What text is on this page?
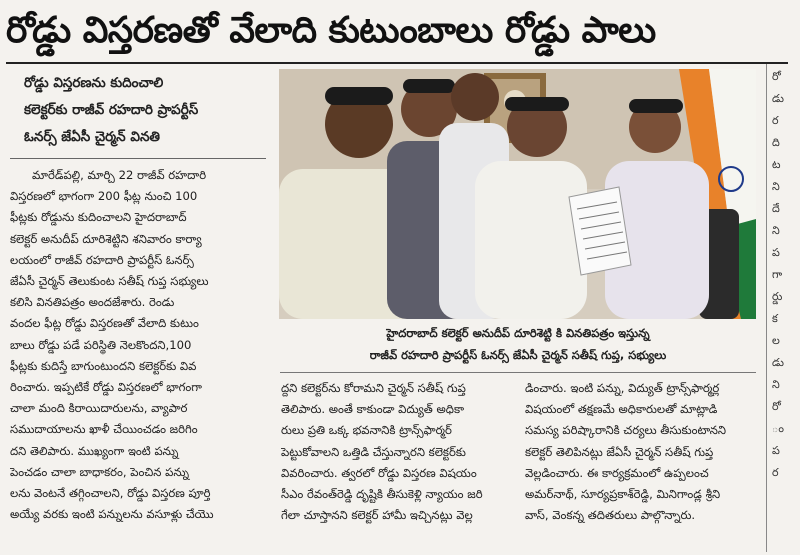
రోడ్డు విస్తరణతో వేలాది కుటుంబాలు రోడ్డు పాలు
రోడ్డు విస్తరణను కుదించాలి
కలెక్టర్‌కు రాజీవ్ రహదారి ప్రాపర్టీస్
ఓనర్స్ జేఏసీ చైర్మన్ వినతి
మారేడ్‌పల్లి, మార్చి 22 రాజీవ్ రహదారి
విస్తరణలో భాగంగా 200 ఫీట్ల నుంచి 100
ఫీట్లకు రోడ్డును కుదించాలని హైదరాబాద్
కలెక్టర్ అనుదీప్ దూరిశెట్టిని శనివారం కార్యా
లయంలో రాజీవ్ రహదారి ప్రాపర్టీస్ ఓనర్స్
జేఏసీ చైర్మన్ తెలుకుంట సతీష్ గుప్త సభ్యులు
కలిసి వినతిపత్రం అందజేశారు. రెండు
వందల ఫీట్ల రోడ్డు విస్తరణతో వేలాది కుటుం
బాలు రోడ్డు పడే పరిస్థితి నెలకొందని,100
ఫీట్లకు కుదిస్తే బాగుంటుందని కలెక్టర్‌కు వివ
రించారు. ఇప్పటికే రోడ్డు విస్తరణలో భాగంగా
చాలా మంది కిరాయిదారులను, వ్యాపార
సముదాయాలను ఖాళీ చేయించడం జరిగిం
దని తెలిపారు. ముఖ్యంగా ఇంటి పన్ను
పెంచడం చాలా బాధాకరం, పెంచిన పన్ను
లను వెంటనే తగ్గించాలని, రోడ్డు విస్తరణ పూర్తి
అయ్యే వరకు ఇంటి పన్నులను వసూళ్లు చేయొ
హైదరాబాద్ కలెక్టర్ అనుదీప్ దూరిశెట్టి కి వినతిపత్రం ఇస్తున్న
రాజీవ్ రహదారి ప్రాపర్టీస్ ఓనర్స్ జేఏసీ చైర్మన్ సతీష్ గుప్త, సభ్యులు
ద్దని కలెక్టర్‌ను కోరామని చైర్మన్ సతీష్ గుప్త
తెలిపారు. అంతే కాకుండా విద్యుత్ అధికా
రులు ప్రతి ఒక్క భవనానికి ట్రాన్స్‌ఫార్మర్
పెట్టుకోవాలని ఒత్తిడి చేస్తున్నారని కలెక్టర్‌కు
వివరించారు. త్వరలో రోడ్డు విస్తరణ విషయం
సీఎం రేవంత్‌రెడ్డి దృష్టికి తీసుకెళ్లి న్యాయం జరి
గేలా చూస్తానని కలెక్టర్ హామీ ఇచ్చినట్లు వెల్ల
డించారు. ఇంటి పన్ను, విద్యుత్ ట్రాన్స్‌ఫార్మర్ల
విషయంలో తక్షణమే అధికారులతో మాట్లాడి
సమస్య పరిష్కారానికి చర్యలు తీసుకుంటానని
కలెక్టర్ తెలిపినట్లు జేఏసీ చైర్మన్ సతీష్ గుప్త
వెల్లడించారు. ఈ కార్యక్రమంలో ఉప్పలంచ
అమర్‌నాథ్, సూర్యప్రకాశ్‌రెడ్డి, మినిగాండ్ల శ్రీని
వాస్, వెంకన్న తదితరులు పాల్గొన్నారు.
రో
డు
ర
ది
ట
ని
దే
ని
ప
గా
ర్డు
క
ల
డు
ని
రో
ం
ప
ర
